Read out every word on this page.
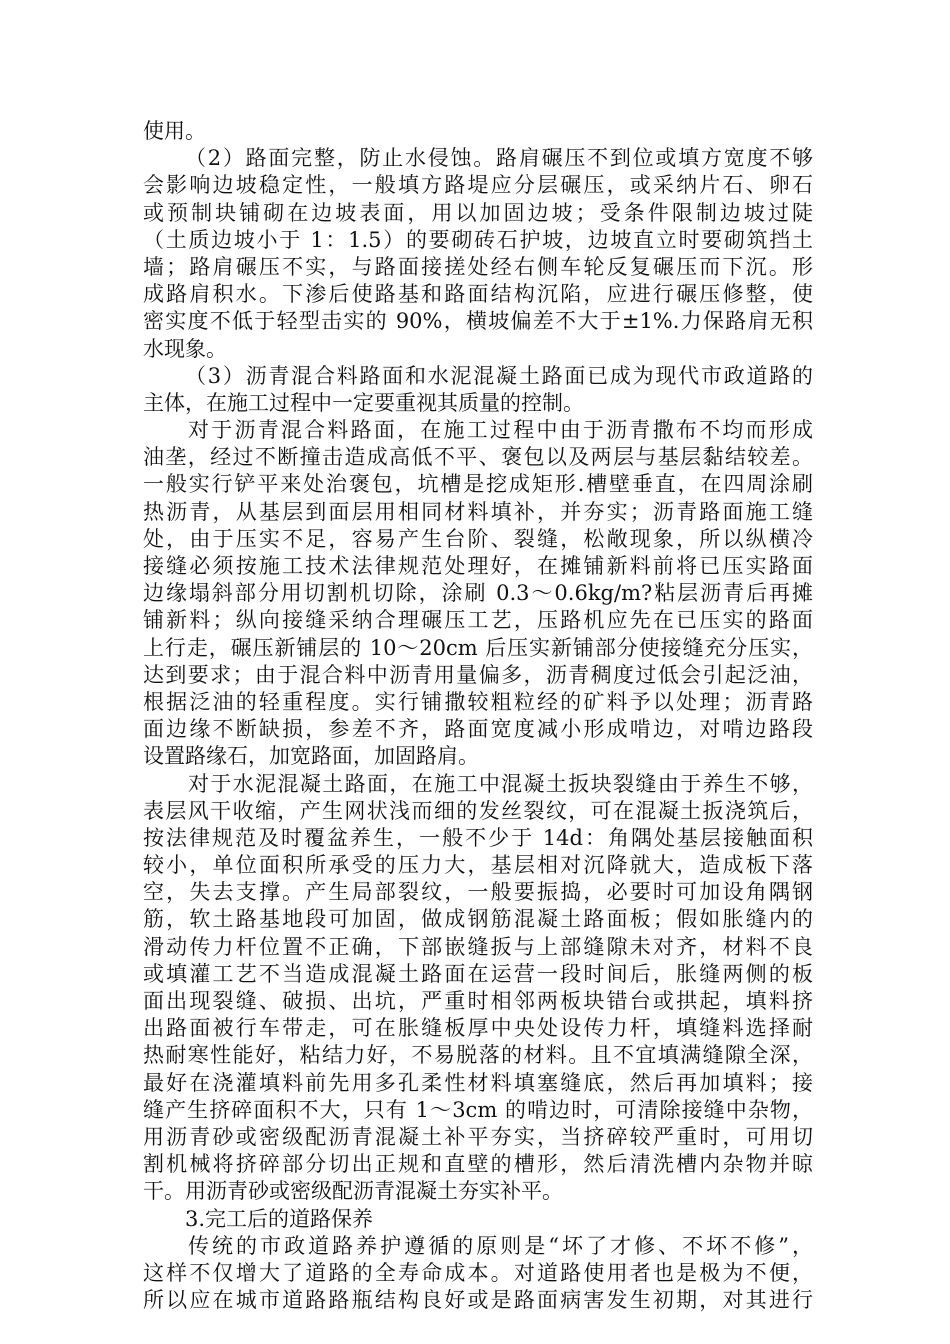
使用。
（2）路面完整，防止水侵蚀。路肩碾压不到位或填方宽度不够
会影响边坡稳定性，一般填方路堤应分层碾压，或采纳片石、卵石
或预制块铺砌在边坡表面，用以加固边坡；受条件限制边坡过陡
（土质边坡小于 1：1.5）的要砌砖石护坡，边坡直立时要砌筑挡土
墙；路肩碾压不实，与路面接搓处经右侧车轮反复碾压而下沉。形
成路肩积水。下渗后使路基和路面结构沉陷，应进行碾压修整，使
密实度不低于轻型击实的 90%，横坡偏差不大于±1%.力保路肩无积
水现象。
（3）沥青混合料路面和水泥混凝土路面已成为现代市政道路的
主体，在施工过程中一定要重视其质量的控制。
对于沥青混合料路面，在施工过程中由于沥青撒布不均而形成
油垄，经过不断撞击造成高低不平、褒包以及两层与基层黏结较差。
一般实行铲平来处治褒包，坑槽是挖成矩形.槽壁垂直，在四周涂刷
热沥青，从基层到面层用相同材料填补，并夯实；沥青路面施工缝
处，由于压实不足，容易产生台阶、裂缝，松敞现象，所以纵横冷
接缝必须按施工技术法律规范处理好，在摊铺新料前将已压实路面
边缘塌斜部分用切割机切除，涂刷 0.3～0.6kg/m?粘层沥青后再摊
铺新料；纵向接缝采纳合理碾压工艺，压路机应先在已压实的路面
上行走，碾压新铺层的 10～20cm 后压实新铺部分使接缝充分压实，
达到要求；由于混合料中沥青用量偏多，沥青稠度过低会引起泛油，
根据泛油的轻重程度。实行铺撒较粗粒经的矿料予以处理；沥青路
面边缘不断缺损，参差不齐，路面宽度减小形成啃边，对啃边路段
设置路缘石，加宽路面，加固路肩。
对于水泥混凝土路面，在施工中混凝土扳块裂缝由于养生不够，
表层风干收缩，产生网状浅而细的发丝裂纹，可在混凝土扳浇筑后，
按法律规范及时覆盆养生，一般不少于 14d：角隅处基层接触面积
较小，单位面积所承受的压力大，基层相对沉降就大，造成板下落
空，失去支撑。产生局部裂纹，一般要振捣，必要时可加设角隅钢
筋，软土路基地段可加固，做成钢筋混凝土路面板；假如胀缝内的
滑动传力杆位置不正确，下部嵌缝扳与上部缝隙未对齐，材料不良
或填灌工艺不当造成混凝土路面在运营一段时间后，胀缝两侧的板
面出现裂缝、破损、出坑，严重时相邻两板块错台或拱起，填料挤
出路面被行车带走，可在胀缝板厚中央处设传力杆，填缝料选择耐
热耐寒性能好，粘结力好，不易脱落的材料。且不宜填满缝隙全深，
最好在浇灌填料前先用多孔柔性材料填塞缝底，然后再加填料；接
缝产生挤碎面积不大，只有 1～3cm 的啃边时，可清除接缝中杂物，
用沥青砂或密级配沥青混凝土补平夯实，当挤碎较严重时，可用切
割机械将挤碎部分切出正规和直壁的槽形，然后清洗槽内杂物并晾
干。用沥青砂或密级配沥青混凝土夯实补平。
3.完工后的道路保养
传统的市政道路养护遵循的原则是“坏了才修、不坏不修”，
这样不仅增大了道路的全寿命成本。对道路使用者也是极为不便，
所以应在城市道路路瓶结构良好或是路面病害发生初期，对其进行
